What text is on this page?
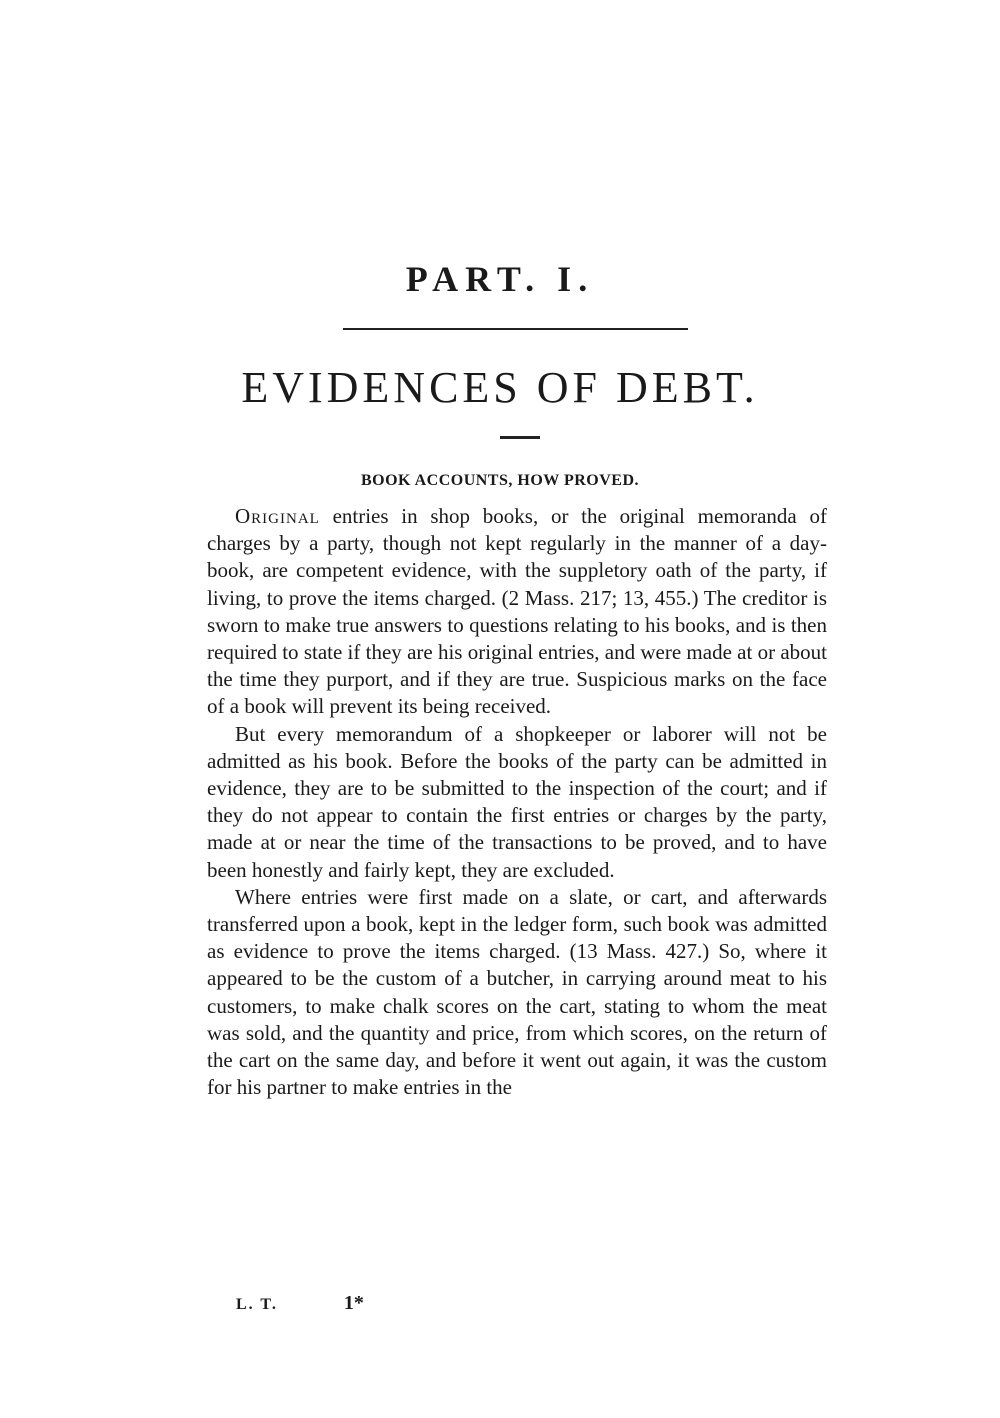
PART. I.
EVIDENCES OF DEBT.
BOOK ACCOUNTS, HOW PROVED.

Original entries in shop books, or the original memoranda of charges by a party, though not kept regularly in the manner of a day-book, are competent evidence, with the suppletory oath of the party, if living, to prove the items charged. (2 Mass. 217; 13, 455.) The creditor is sworn to make true answers to questions relating to his books, and is then required to state if they are his original entries, and were made at or about the time they purport, and if they are true. Suspicious marks on the face of a book will prevent its being received.

But every memorandum of a shopkeeper or laborer will not be admitted as his book. Before the books of the party can be admitted in evidence, they are to be submitted to the inspection of the court; and if they do not appear to contain the first entries or charges by the party, made at or near the time of the transactions to be proved, and to have been honestly and fairly kept, they are excluded.

Where entries were first made on a slate, or cart, and afterwards transferred upon a book, kept in the ledger form, such book was admitted as evidence to prove the items charged. (13 Mass. 427.) So, where it appeared to be the custom of a butcher, in carrying around meat to his customers, to make chalk scores on the cart, stating to whom the meat was sold, and the quantity and price, from which scores, on the return of the cart on the same day, and before it went out again, it was the custom for his partner to make entries in the

L. T.	1*
